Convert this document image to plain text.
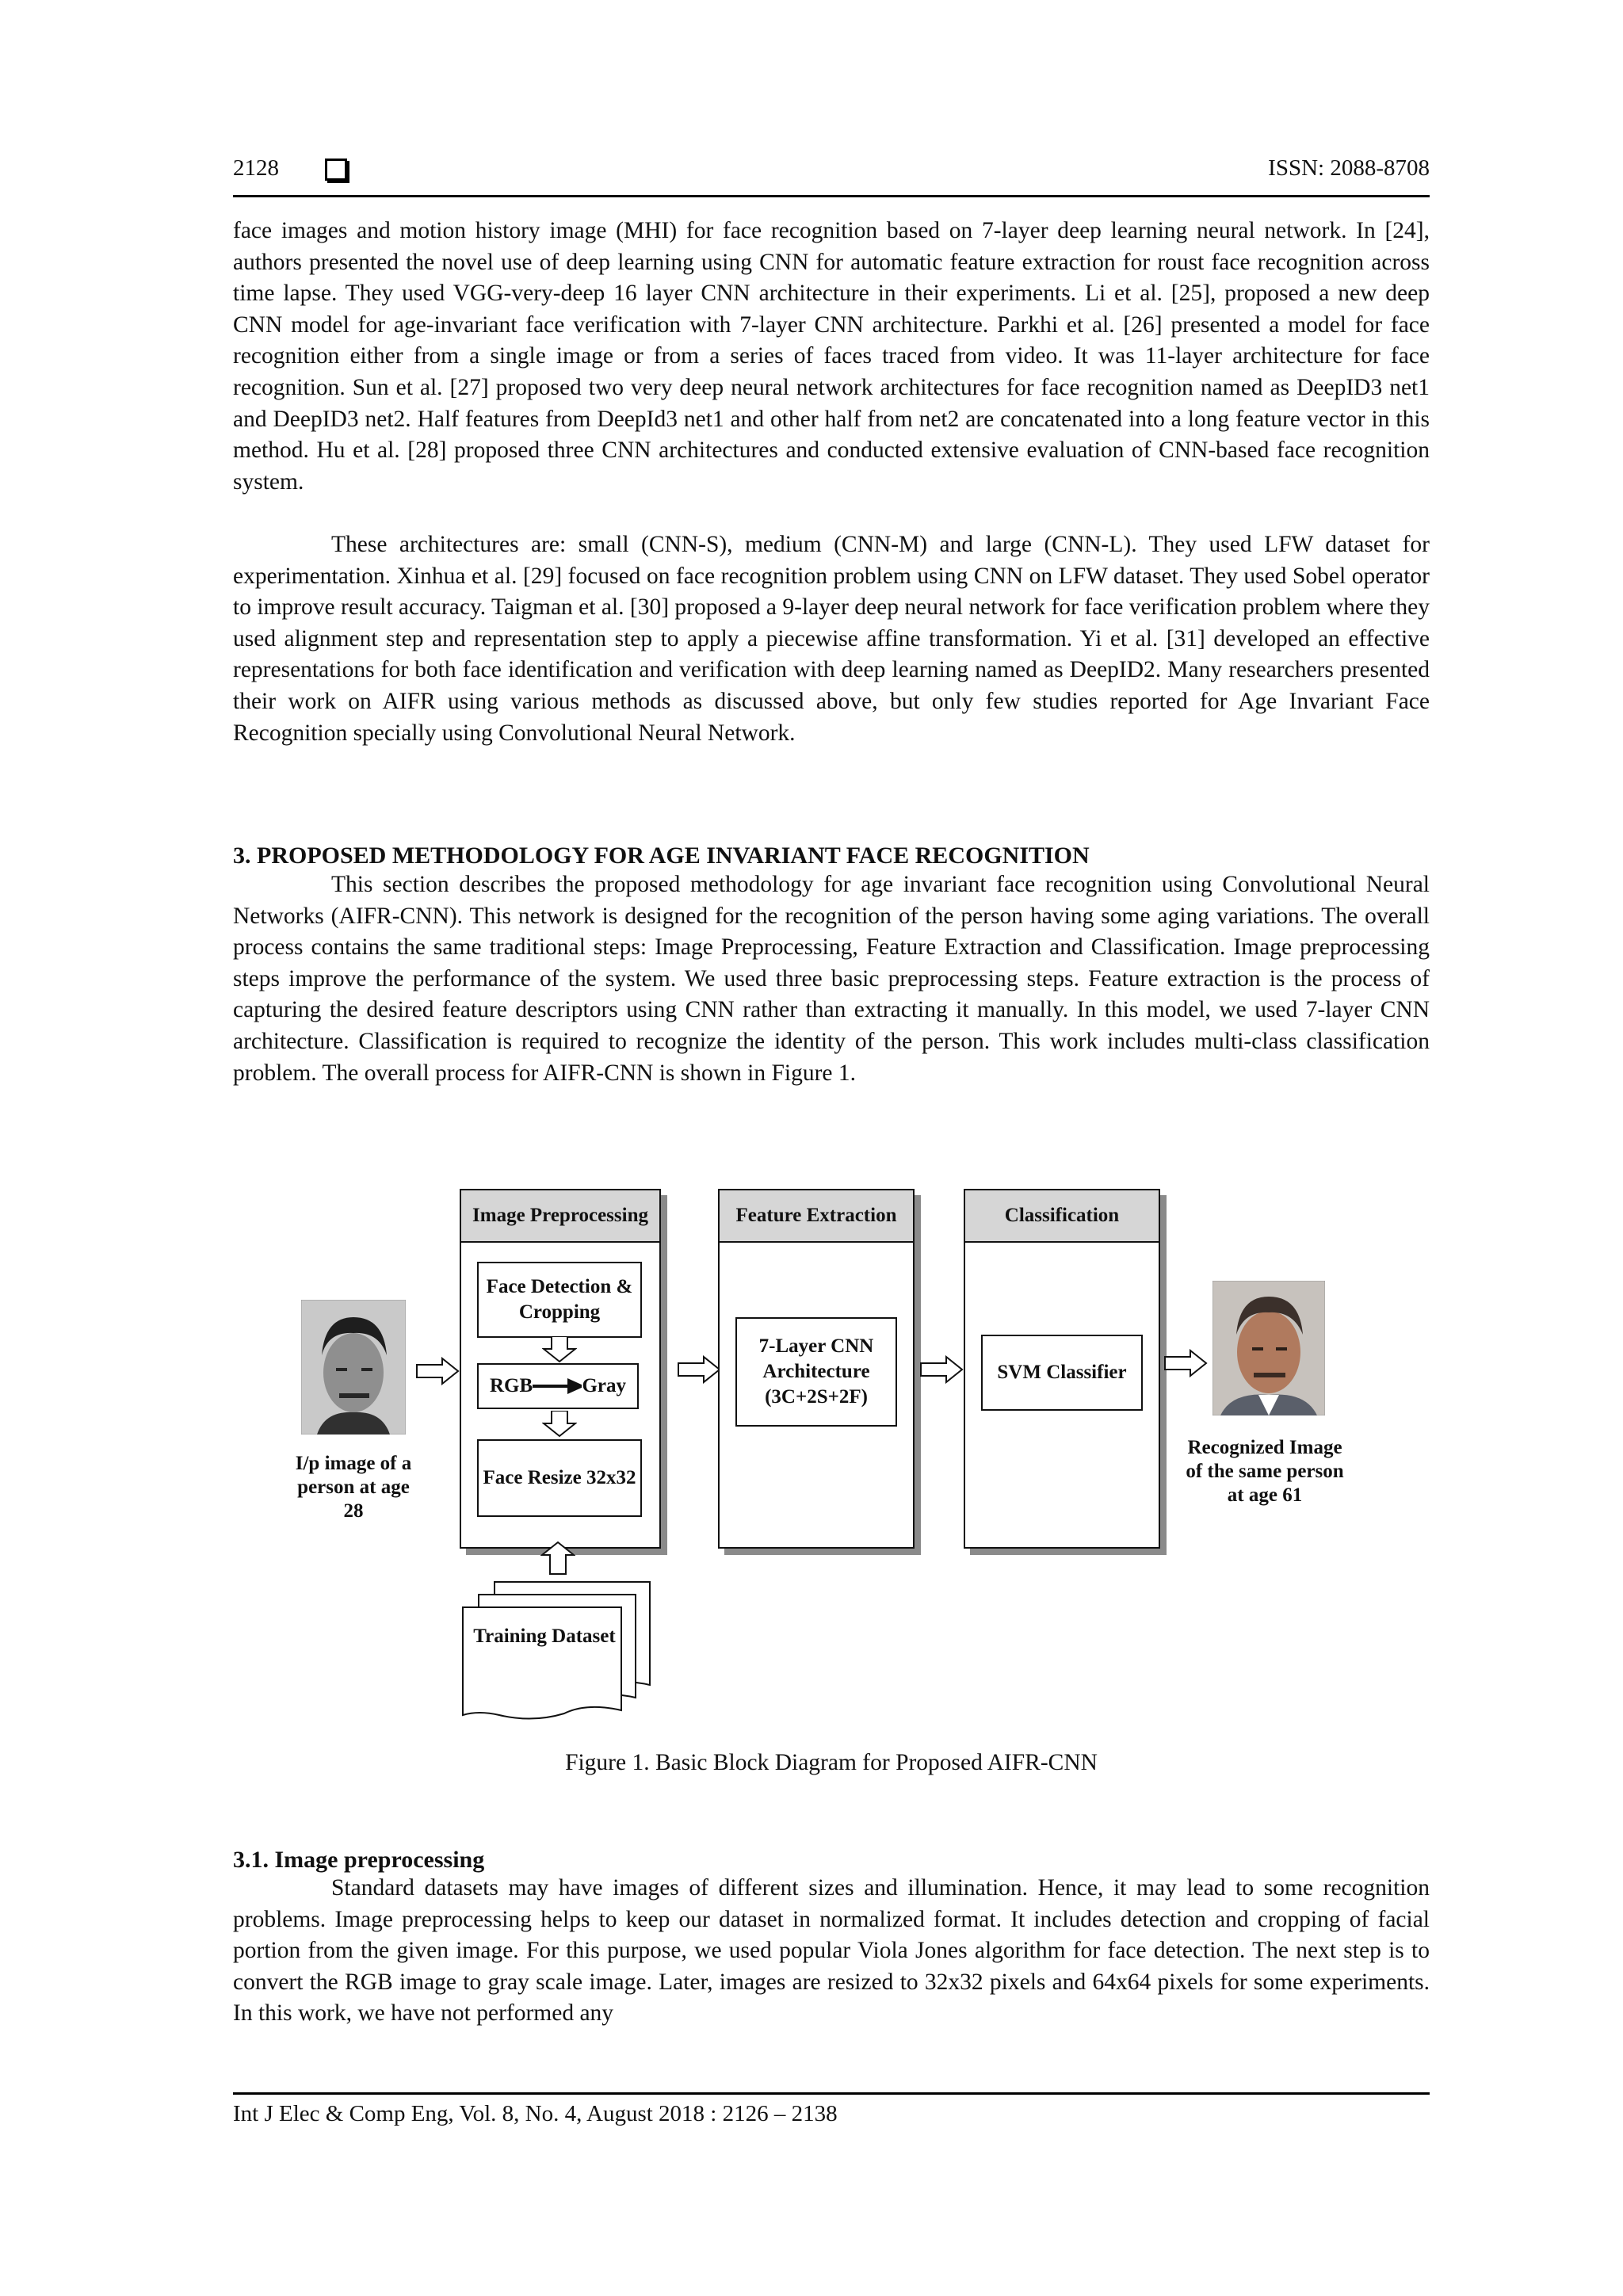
2128	ISSN: 2088-8708

face images and motion history image (MHI) for face recognition based on 7-layer deep learning neural network. In [24], authors presented the novel use of deep learning using CNN for automatic feature extraction for roust face recognition across time lapse. They used VGG-very-deep 16 layer CNN architecture in their experiments. Li et al. [25], proposed a new deep CNN model for age-invariant face verification with 7-layer CNN architecture. Parkhi et al. [26] presented a model for face recognition either from a single image or from a series of faces traced from video. It was 11-layer architecture for face recognition. Sun et al. [27] proposed two very deep neural network architectures for face recognition named as DeepID3 net1 and DeepID3 net2. Half features from DeepId3 net1 and other half from net2 are concatenated into a long feature vector in this method. Hu et al. [28] proposed three CNN architectures and conducted extensive evaluation of CNN-based face recognition system.

These architectures are: small (CNN-S), medium (CNN-M) and large (CNN-L). They used LFW dataset for experimentation. Xinhua et al. [29] focused on face recognition problem using CNN on LFW dataset. They used Sobel operator to improve result accuracy. Taigman et al. [30] proposed a 9-layer deep neural network for face verification problem where they used alignment step and representation step to apply a piecewise affine transformation. Yi et al. [31] developed an effective representations for both face identification and verification with deep learning named as DeepID2. Many researchers presented their work on AIFR using various methods as discussed above, but only few studies reported for Age Invariant Face Recognition specially using Convolutional Neural Network.

3. PROPOSED METHODOLOGY FOR AGE INVARIANT FACE RECOGNITION

This section describes the proposed methodology for age invariant face recognition using Convolutional Neural Networks (AIFR-CNN). This network is designed for the recognition of the person having some aging variations. The overall process contains the same traditional steps: Image Preprocessing, Feature Extraction and Classification. Image preprocessing steps improve the performance of the system. We used three basic preprocessing steps. Feature extraction is the process of capturing the desired feature descriptors using CNN rather than extracting it manually. In this model, we used 7-layer CNN architecture. Classification is required to recognize the identity of the person. This work includes multi-class classification problem. The overall process for AIFR-CNN is shown in Figure 1.

I/p image of a person at age 28
Image Preprocessing
Face Detection & Cropping
RGB Gray
Face Resize 32x32
Feature Extraction
7-Layer CNN Architecture (3C+2S+2F)
Classification
SVM Classifier
Recognized Image of the same person at age 61
Training Dataset
Figure 1. Basic Block Diagram for Proposed AIFR-CNN
3.1. Image preprocessing

Standard datasets may have images of different sizes and illumination. Hence, it may lead to some recognition problems. Image preprocessing helps to keep our dataset in normalized format. It includes detection and cropping of facial portion from the given image. For this purpose, we used popular Viola Jones algorithm for face detection. The next step is to convert the RGB image to gray scale image. Later, images are resized to 32x32 pixels and 64x64 pixels for some experiments. In this work, we have not performed any

Int J Elec & Comp Eng, Vol. 8, No. 4, August 2018 : 2126 – 2138
